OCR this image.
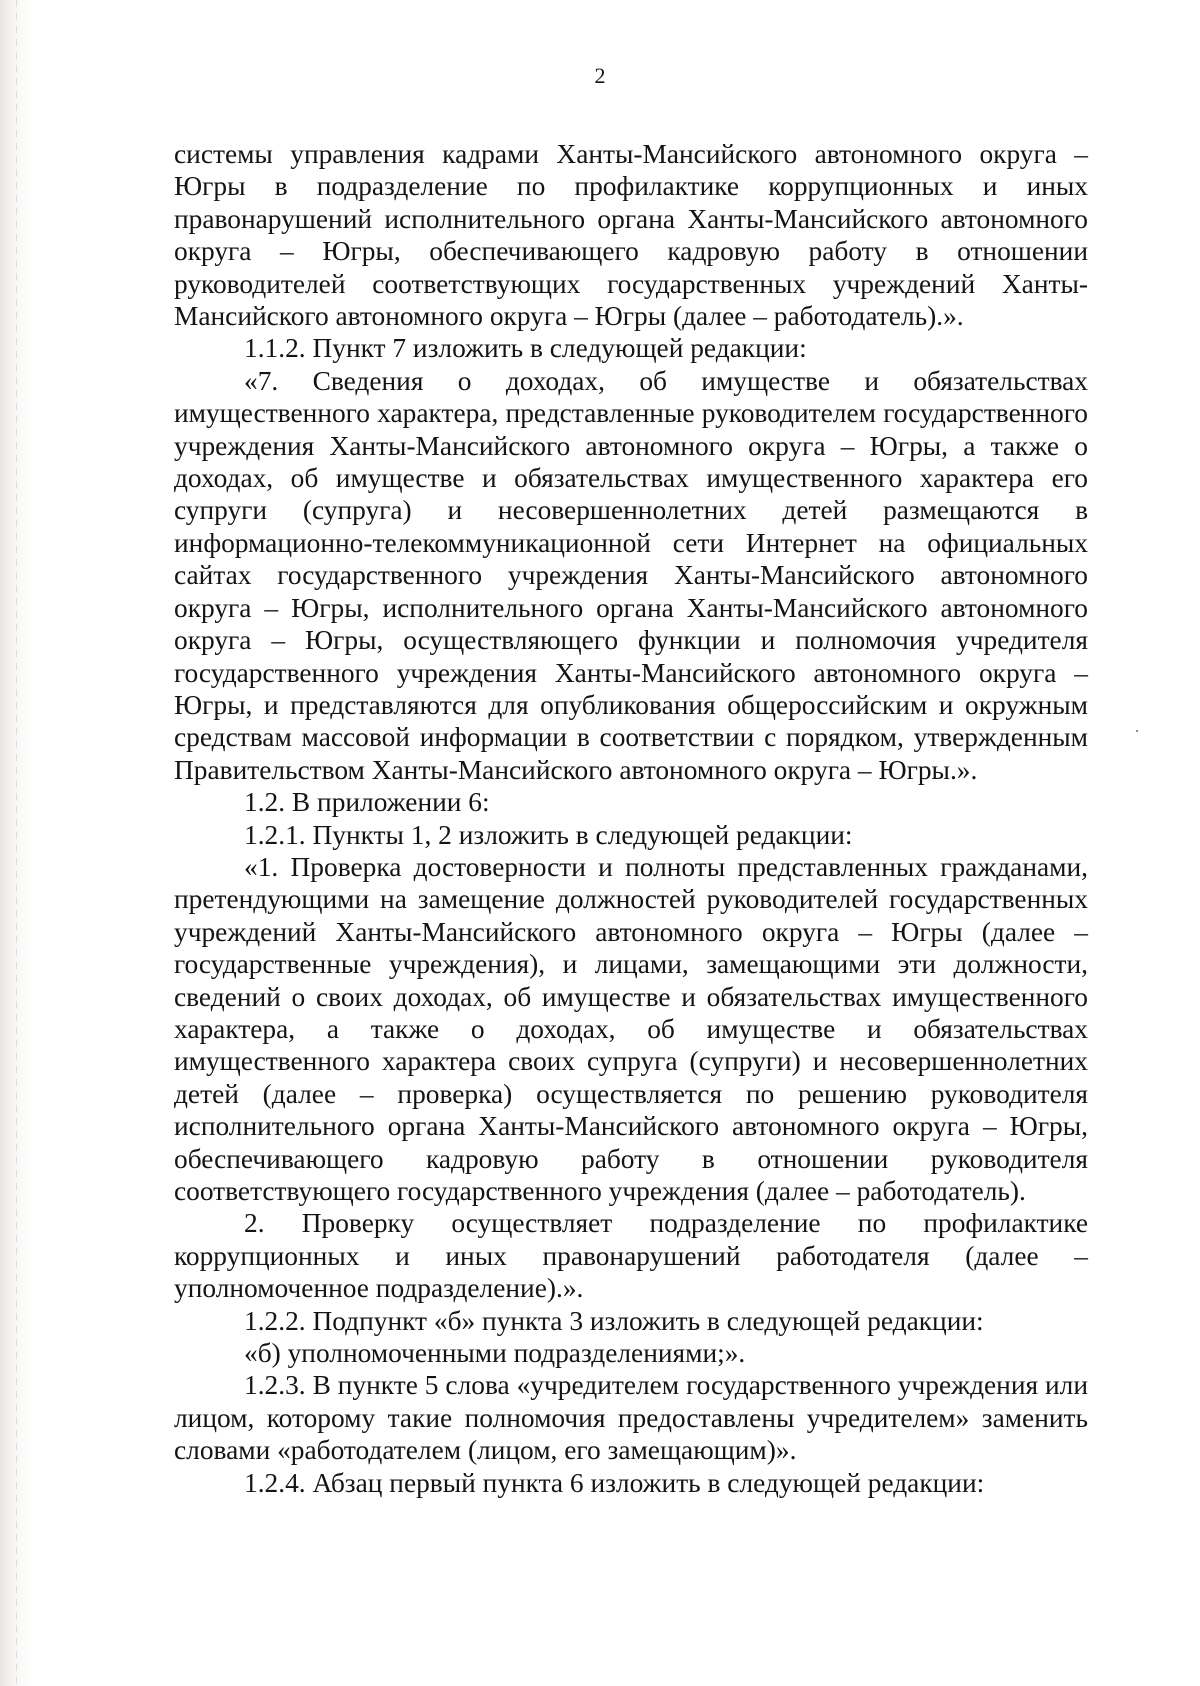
2

системы управления кадрами Ханты-Мансийского автономного округа – Югры в подразделение по профилактике коррупционных и иных правонарушений исполнительного органа Ханты-Мансийского автономного округа – Югры, обеспечивающего кадровую работу в отношении руководителей соответствующих государственных учреждений Ханты-Мансийского автономного округа – Югры (далее – работодатель).».

1.1.2. Пункт 7 изложить в следующей редакции:

«7. Сведения о доходах, об имуществе и обязательствах имущественного характера, представленные руководителем государственного учреждения Ханты-Мансийского автономного округа – Югры, а также о доходах, об имуществе и обязательствах имущественного характера его супруги (супруга) и несовершеннолетних детей размещаются в информационно-телекоммуникационной сети Интернет на официальных сайтах государственного учреждения Ханты-Мансийского автономного округа – Югры, исполнительного органа Ханты-Мансийского автономного округа – Югры, осуществляющего функции и полномочия учредителя государственного учреждения Ханты-Мансийского автономного округа – Югры, и представляются для опубликования общероссийским и окружным средствам массовой информации в соответствии с порядком, утвержденным Правительством Ханты-Мансийского автономного округа – Югры.».

1.2. В приложении 6:

1.2.1. Пункты 1, 2 изложить в следующей редакции:

«1. Проверка достоверности и полноты представленных гражданами, претендующими на замещение должностей руководителей государственных учреждений Ханты-Мансийского автономного округа – Югры (далее – государственные учреждения), и лицами, замещающими эти должности, сведений о своих доходах, об имуществе и обязательствах имущественного характера, а также о доходах, об имуществе и обязательствах имущественного характера своих супруга (супруги) и несовершеннолетних детей (далее – проверка) осуществляется по решению руководителя исполнительного органа Ханты-Мансийского автономного округа – Югры, обеспечивающего кадровую работу в отношении руководителя соответствующего государственного учреждения (далее – работодатель).

2. Проверку осуществляет подразделение по профилактике коррупционных и иных правонарушений работодателя (далее – уполномоченное подразделение).».

1.2.2. Подпункт «б» пункта 3 изложить в следующей редакции:

«б) уполномоченными подразделениями;».

1.2.3. В пункте 5 слова «учредителем государственного учреждения или лицом, которому такие полномочия предоставлены учредителем» заменить словами «работодателем (лицом, его замещающим)».

1.2.4. Абзац первый пункта 6 изложить в следующей редакции:
